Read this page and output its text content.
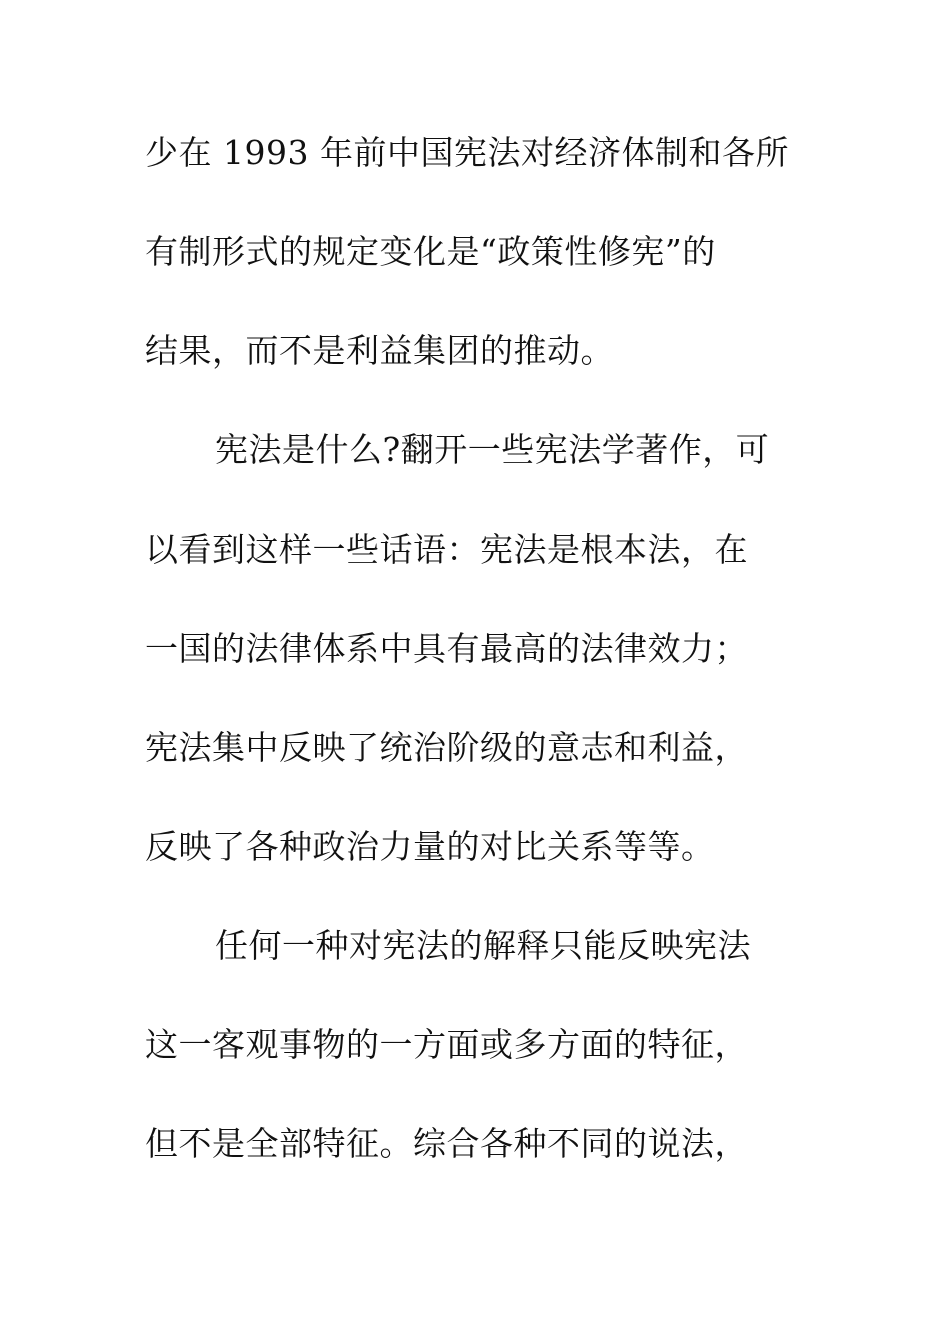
少在 1993 年前中国宪法对经济体制和各所
有制形式的规定变化是“政策性修宪”的
结果，而不是利益集团的推动。
宪法是什么?翻开一些宪法学著作，可
以看到这样一些话语：宪法是根本法，在
一国的法律体系中具有最高的法律效力；
宪法集中反映了统治阶级的意志和利益，
反映了各种政治力量的对比关系等等。
任何一种对宪法的解释只能反映宪法
这一客观事物的一方面或多方面的特征，
但不是全部特征。综合各种不同的说法，
